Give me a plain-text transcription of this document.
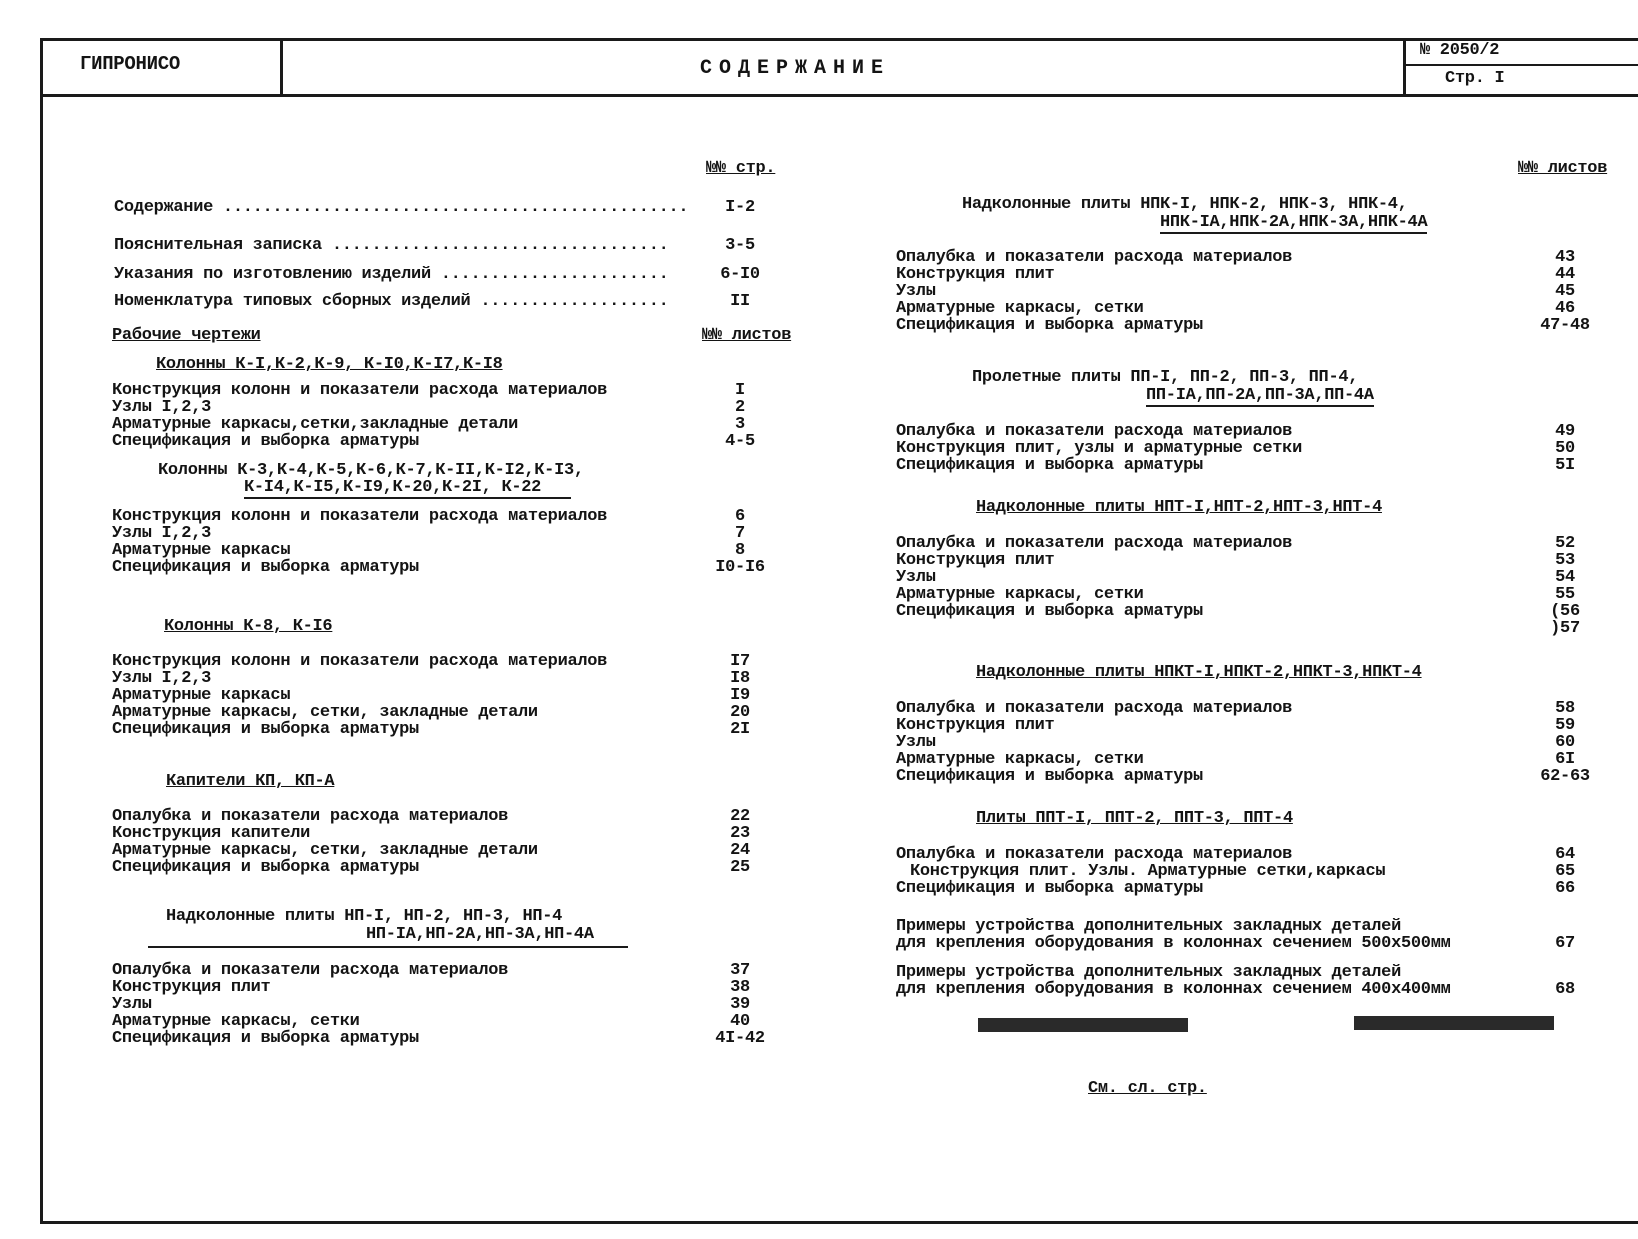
ГИПРОНИСО	СОДЕРЖАНИЕ
№ 2050/2
Стр. I
№№ стр.
Содержание ...............................................	I-2
Пояснительная записка ..................................	3-5
Указания по изготовлению изделий .......................	6-I0
Номенклатура типовых сборных изделий ...................	II
Рабочие чертежи	№№ листов
Колонны К-I,К-2,К-9, К-I0,К-I7,К-I8
Конструкция колонн и показатели расхода материалов	I
Узлы I,2,3	2
Арматурные каркасы,сетки,закладные детали	3
Спецификация и выборка арматуры	4-5
Колонны К-3,К-4,К-5,К-6,К-7,К-II,К-I2,К-I3,
К-I4,К-I5,К-I9,К-20,К-2I, К-22
Конструкция колонн и показатели расхода материалов	6
Узлы I,2,3	7
Арматурные каркасы	8
Спецификация и выборка арматуры	I0-I6
Колонны К-8, К-I6
Конструкция колонн и показатели расхода материалов	I7
Узлы I,2,3	I8
Арматурные каркасы	I9
Арматурные каркасы, сетки, закладные детали	20
Спецификация и выборка арматуры	2I
Капители КП, КП-А
Опалубка и показатели расхода материалов	22
Конструкция капители	23
Арматурные каркасы, сетки, закладные детали	24
Спецификация и выборка арматуры	25
Надколонные плиты НП-I, НП-2, НП-3, НП-4
НП-IА,НП-2А,НП-3А,НП-4А
Опалубка и показатели расхода материалов	37
Конструкция плит	38
Узлы	39
Арматурные каркасы, сетки	40
Спецификация и выборка арматуры	4I-42
№№ листов
Надколонные плиты НПК-I, НПК-2, НПК-3, НПК-4,
НПК-IА,НПК-2А,НПК-3А,НПК-4А
Опалубка и показатели расхода материалов	43
Конструкция плит	44
Узлы	45
Арматурные каркасы, сетки	46
Спецификация и выборка арматуры	47-48
Пролетные плиты ПП-I, ПП-2, ПП-3, ПП-4,
ПП-IА,ПП-2А,ПП-3А,ПП-4А
Опалубка и показатели расхода материалов	49
Конструкция плит, узлы и арматурные сетки	50
Спецификация и выборка арматуры	5I
Надколонные плиты НПТ-I,НПТ-2,НПТ-3,НПТ-4
Опалубка и показатели расхода материалов	52
Конструкция плит	53
Узлы	54
Арматурные каркасы, сетки	55
Спецификация и выборка арматуры	(56
)57
Надколонные плиты НПКТ-I,НПКТ-2,НПКТ-3,НПКТ-4
Опалубка и показатели расхода материалов	58
Конструкция плит	59
Узлы	60
Арматурные каркасы, сетки	6I
Спецификация и выборка арматуры	62-63
Плиты ППТ-I, ППТ-2, ППТ-3, ППТ-4
Опалубка и показатели расхода материалов	64
Конструкция плит. Узлы. Арматурные сетки,каркасы	65
Спецификация и выборка арматуры	66
Примеры устройства дополнительных закладных деталей
для крепления оборудования в колоннах сечением 500х500мм	67
Примеры устройства дополнительных закладных деталей
для крепления оборудования в колоннах сечением 400х400мм	68
См. сл. стр.
